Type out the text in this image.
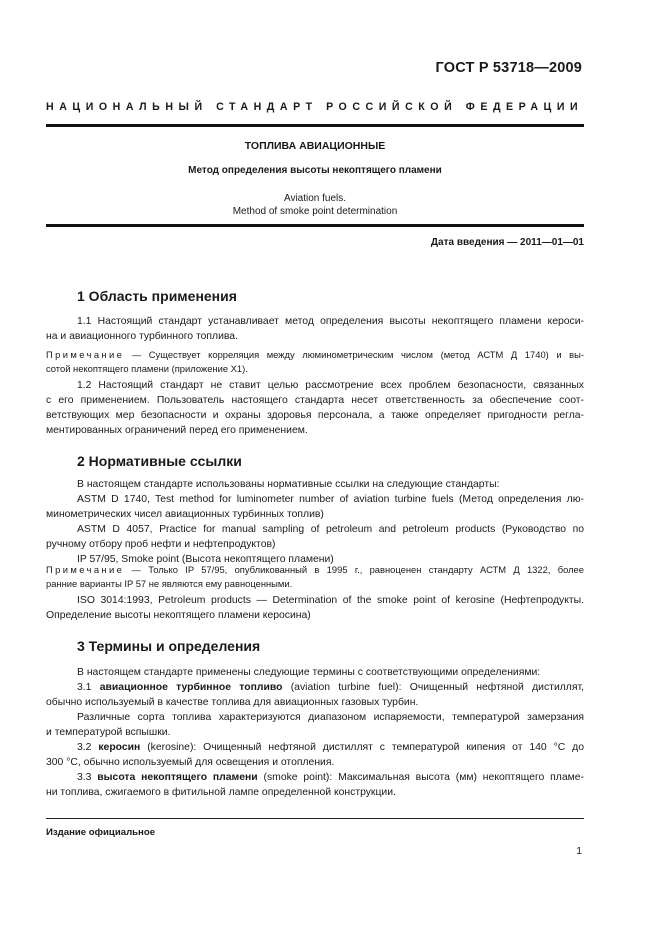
ГОСТ Р 53718—2009
НАЦИОНАЛЬНЫЙ СТАНДАРТ РОССИЙСКОЙ ФЕДЕРАЦИИ
ТОПЛИВА АВИАЦИОННЫЕ
Метод определения высоты некоптящего пламени
Aviation fuels.
Method of smoke point determination
Дата введения — 2011—01—01
1 Область применения
1.1 Настоящий стандарт устанавливает метод определения высоты некоптящего пламени кероси-
на и авиационного турбинного топлива.
Примечание — Существует корреляция между люминометрическим числом (метод АСТМ Д 1740) и вы-
сотой некоптящего пламени (приложение Х1).
1.2 Настоящий стандарт не ставит целью рассмотрение всех проблем безопасности, связанных
с его применением. Пользователь настоящего стандарта несет ответственность за обеспечение соот-
ветствующих мер безопасности и охраны здоровья персонала, а также определяет пригодности регла-
ментированных ограничений перед его применением.
2 Нормативные ссылки
В настоящем стандарте использованы нормативные ссылки на следующие стандарты:
ASTM D 1740, Test method for luminometer number of aviation turbine fuels (Метод определения лю-
минометрических чисел авиационных турбинных топлив)
ASTM D 4057, Practice for manual sampling of petroleum and petroleum products (Руководство по
ручному отбору проб нефти и нефтепродуктов)
IP 57/95, Smoke point (Высота некоптящего пламени)
Примечание — Только IP 57/95, опубликованный в 1995 г., равноценен стандарту АСТМ Д 1322, более
ранние варианты IP 57 не являются ему равноценными.
ISO 3014:1993, Petroleum products — Determination of the smoke point of kerosine (Нефтепродукты.
Определение высоты некоптящего пламени керосина)
3 Термины и определения
В настоящем стандарте применены следующие термины с соответствующими определениями:
3.1 авиационное турбинное топливо (aviation turbine fuel): Очищенный нефтяной дистиллят,
обычно используемый в качестве топлива для авиационных газовых турбин.
Различные сорта топлива характеризуются диапазоном испаряемости, температурой замерзания
и температурой вспышки.
3.2 керосин (kerosine): Очищенный нефтяной дистиллят с температурой кипения от 140 °С до
300 °С, обычно используемый для освещения и отопления.
3.3 высота некоптящего пламени (smoke point): Максимальная высота (мм) некоптящего пламе-
ни топлива, сжигаемого в фитильной лампе определенной конструкции.
Издание официальное
1
